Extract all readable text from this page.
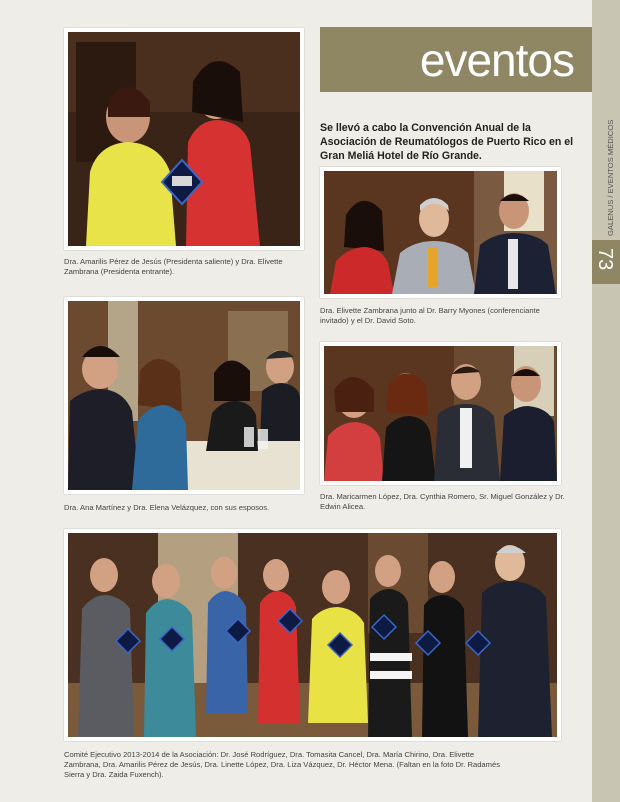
eventos

Se llevó a cabo la Convención Anual de la Asociación de Reumatólogos de Puerto Rico en el Gran Meliá Hotel de Río Grande.	GALENUS / EVENTOS MÉDICOS
73

Dra. Amarilis Pérez de Jesús (Presidenta saliente) y Dra. Elivette Zambrana (Presidenta entrante).

Dra. Elivette Zambrana junto al Dr. Barry Myones (conferenciante invitado) y el Dr. David Soto.

Dra. Ana Martínez y Dra. Elena Velázquez, con sus esposos.

Dra. Maricarmen López, Dra. Cynthia Romero, Sr. Miguel González y Dr. Edwin Alicea.

Comité Ejecutivo 2013-2014 de la Asociación: Dr. José Rodríguez, Dra. Tomasita Cancel, Dra. María Chirino, Dra. Elivette Zambrana, Dra. Amarilis Pérez de Jesús, Dra. Linette López, Dra. Liza Vázquez, Dr. Héctor Mena. (Faltan en la foto Dr. Radamés Sierra y Dra. Zaida Fuxench).
